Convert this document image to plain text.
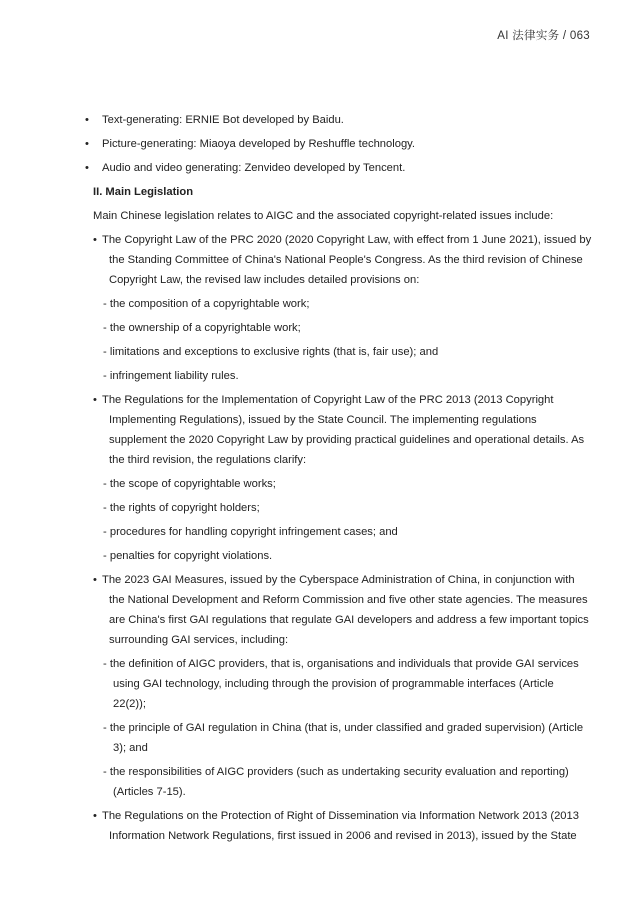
AI 法律实务 / 063
• Text-generating: ERNIE Bot developed by Baidu.
• Picture-generating: Miaoya developed by Reshuffle technology.
• Audio and video generating: Zenvideo developed by Tencent.
II. Main Legislation
Main Chinese legislation relates to AIGC and the associated copyright-related issues include:
• The Copyright Law of the PRC 2020 (2020 Copyright Law, with effect from 1 June 2021), issued by
the Standing Committee of China's National People's Congress. As the third revision of Chinese
Copyright Law, the revised law includes detailed provisions on:
- the composition of a copyrightable work;
- the ownership of a copyrightable work;
- limitations and exceptions to exclusive rights (that is, fair use); and
- infringement liability rules.
• The Regulations for the Implementation of Copyright Law of the PRC 2013 (2013 Copyright
Implementing Regulations), issued by the State Council. The implementing regulations
supplement the 2020 Copyright Law by providing practical guidelines and operational details. As
the third revision, the regulations clarify:
- the scope of copyrightable works;
- the rights of copyright holders;
- procedures for handling copyright infringement cases; and
- penalties for copyright violations.
• The 2023 GAI Measures, issued by the Cyberspace Administration of China, in conjunction with
the National Development and Reform Commission and five other state agencies. The measures
are China's first GAI regulations that regulate GAI developers and address a few important topics
surrounding GAI services, including:
- the definition of AIGC providers, that is, organisations and individuals that provide GAI services
using GAI technology, including through the provision of programmable interfaces (Article
22(2));
- the principle of GAI regulation in China (that is, under classified and graded supervision) (Article
3); and
- the responsibilities of AIGC providers (such as undertaking security evaluation and reporting)
(Articles 7-15).
• The Regulations on the Protection of Right of Dissemination via Information Network 2013 (2013
Information Network Regulations, first issued in 2006 and revised in 2013), issued by the State
